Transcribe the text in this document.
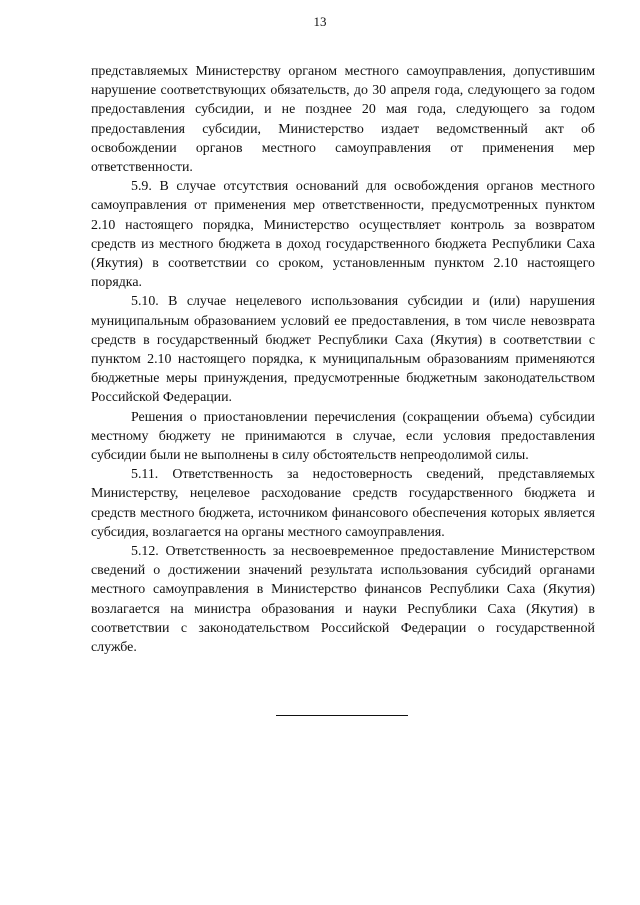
13

представляемых Министерству органом местного самоуправления, допустившим нарушение соответствующих обязательств, до 30 апреля года, следующего за годом предоставления субсидии, и не позднее 20 мая года, следующего за годом предоставления субсидии, Министерство издает ведомственный акт об освобождении органов местного самоуправления от применения мер ответственности.

5.9. В случае отсутствия оснований для освобождения органов местного самоуправления от применения мер ответственности, предусмотренных пунктом 2.10 настоящего порядка, Министерство осуществляет контроль за возвратом средств из местного бюджета в доход государственного бюджета Республики Саха (Якутия) в соответствии со сроком, установленным пунктом 2.10 настоящего порядка.

5.10. В случае нецелевого использования субсидии и (или) нарушения муниципальным образованием условий ее предоставления, в том числе невозврата средств в государственный бюджет Республики Саха (Якутия) в соответствии с пунктом 2.10 настоящего порядка, к муниципальным образованиям применяются бюджетные меры принуждения, предусмотренные бюджетным законодательством Российской Федерации.

Решения о приостановлении перечисления (сокращении объема) субсидии местному бюджету не принимаются в случае, если условия предоставления субсидии были не выполнены в силу обстоятельств непреодолимой силы.

5.11. Ответственность за недостоверность сведений, представляемых Министерству, нецелевое расходование средств государственного бюджета и средств местного бюджета, источником финансового обеспечения которых является субсидия, возлагается на органы местного самоуправления.

5.12. Ответственность за несвоевременное предоставление Министерством сведений о достижении значений результата использования субсидий органами местного самоуправления в Министерство финансов Республики Саха (Якутия) возлагается на министра образования и науки Республики Саха (Якутия) в соответствии с законодательством Российской Федерации о государственной службе.
